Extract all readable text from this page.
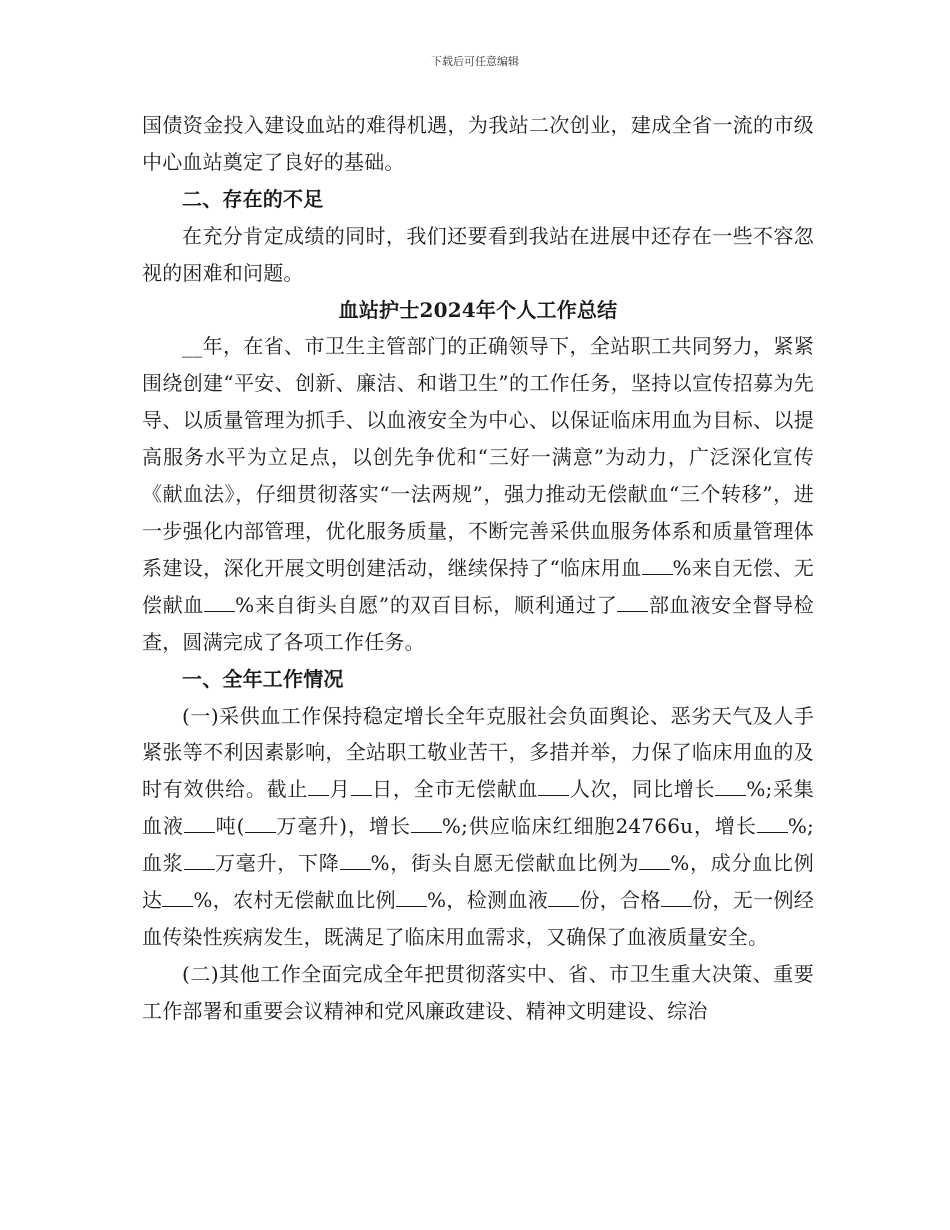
下载后可任意编辑

国债资金投入建设血站的难得机遇，为我站二次创业，建成全省一流的市级中心血站奠定了良好的基础。

二、存在的不足

在充分肯定成绩的同时，我们还要看到我站在进展中还存在一些不容忽视的困难和问题。

血站护士2024年个人工作总结

__年，在省、市卫生主管部门的正确领导下，全站职工共同努力，紧紧围绕创建“平安、创新、廉洁、和谐卫生”的工作任务，坚持以宣传招募为先导、以质量管理为抓手、以血液安全为中心、以保证临床用血为目标、以提高服务水平为立足点，以创先争优和“三好一满意”为动力，广泛深化宣传《献血法》，仔细贯彻落实“一法两规”，强力推动无偿献血“三个转移”，进一步强化内部管理，优化服务质量，不断完善采供血服务体系和质量管理体系建设，深化开展文明创建活动，继续保持了“临床用血 %来自无偿、无偿献血 %来自街头自愿”的双百目标，顺利通过了 部血液安全督导检查，圆满完成了各项工作任务。

一、全年工作情况

(一)采供血工作保持稳定增长全年克服社会负面舆论、恶劣天气及人手紧张等不利因素影响，全站职工敬业苦干，多措并举，力保了临床用血的及时有效供给。截止 月 日，全市无偿献血 人次，同比增长 %;采集血液 吨( 万毫升)，增长 %;供应临床红细胞24766u，增长 %;血浆 万毫升，下降 %，街头自愿无偿献血比例为 %，成分血比例达 %，农村无偿献血比例 %，检测血液 份，合格 份，无一例经血传染性疾病发生，既满足了临床用血需求，又确保了血液质量安全。

(二)其他工作全面完成全年把贯彻落实中、省、市卫生重大决策、重要工作部署和重要会议精神和党风廉政建设、精神文明建设、综治
